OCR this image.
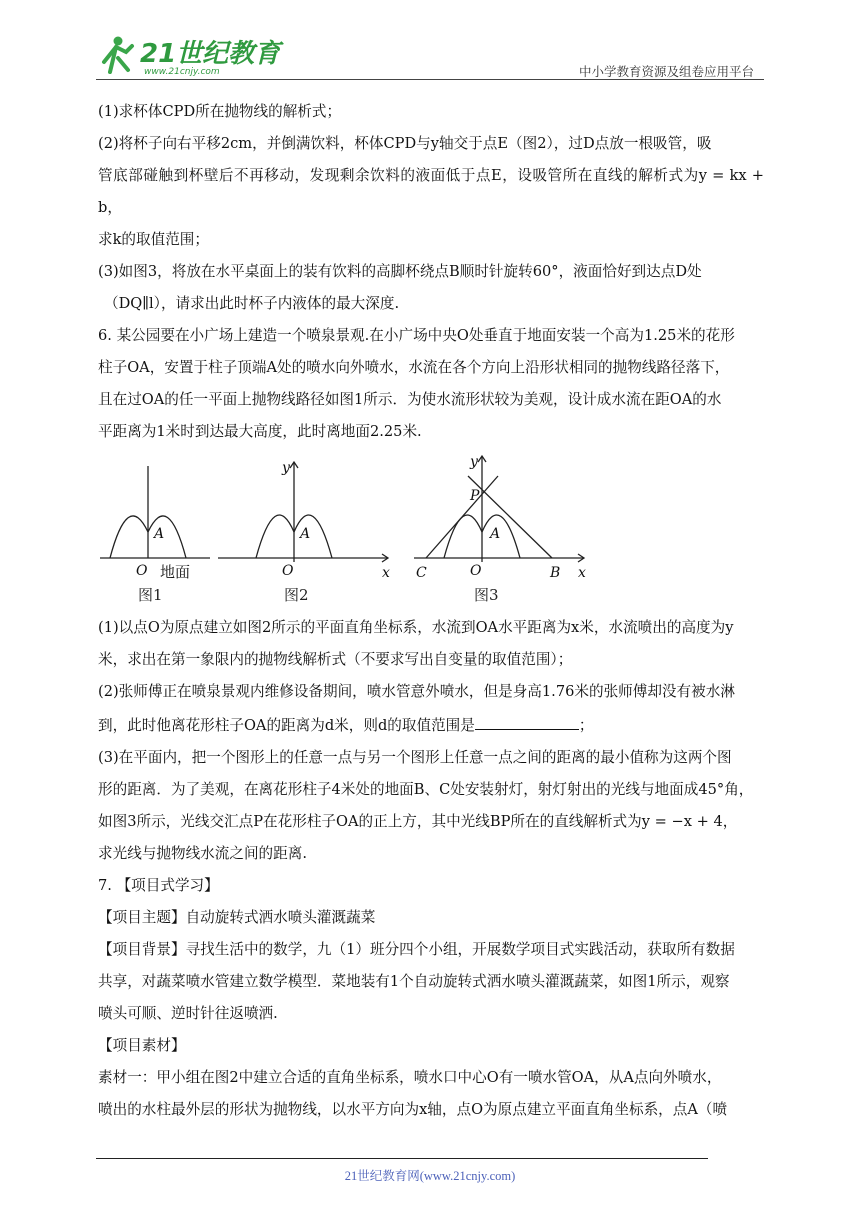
21世纪教育
www.21cnjy.com	中小学教育资源及组卷应用平台

(1)求杯体CPD所在抛物线的解析式；

(2)将杯子向右平移2cm，并倒满饮料，杯体CPD与y轴交于点E（图2），过D点放一根吸管，吸

管底部碰触到杯壁后不再移动，发现剩余饮料的液面低于点E，设吸管所在直线的解析式为y = kx + b，

求k的取值范围；

(3)如图3，将放在水平桌面上的装有饮料的高脚杯绕点B顺时针旋转60°，液面恰好到达点D处

（DQ∥l），请求出此时杯子内液体的最大深度.

6. 某公园要在小广场上建造一个喷泉景观.在小广场中央O处垂直于地面安装一个高为1.25米的花形

柱子OA，安置于柱子顶端A处的喷水向外喷水，水流在各个方向上沿形状相同的抛物线路径落下，

且在过OA的任一平面上抛物线路径如图1所示．为使水流形状较为美观，设计成水流在距OA的水

平距离为1米时到达最大高度，此时离地面2.25米.

O
A
地面
y
O
A
x
y
P
O
A
C	B x
图1	图2	图3

(1)以点O为原点建立如图2所示的平面直角坐标系，水流到OA水平距离为x米，水流喷出的高度为y

米，求出在第一象限内的抛物线解析式（不要求写出自变量的取值范围）；

(2)张师傅正在喷泉景观内维修设备期间，喷水管意外喷水，但是身高1.76米的张师傅却没有被水淋

到，此时他离花形柱子OA的距离为d米，则d的取值范围是	；

(3)在平面内，把一个图形上的任意一点与另一个图形上任意一点之间的距离的最小值称为这两个图

形的距离．为了美观，在离花形柱子4米处的地面B、C处安装射灯，射灯射出的光线与地面成45°角，

如图3所示，光线交汇点P在花形柱子OA的正上方，其中光线BP所在的直线解析式为y = −x + 4，

求光线与抛物线水流之间的距离.

7. 【项目式学习】

【项目主题】自动旋转式洒水喷头灌溉蔬菜

【项目背景】寻找生活中的数学，九（1）班分四个小组，开展数学项目式实践活动，获取所有数据

共享，对蔬菜喷水管建立数学模型．菜地装有1个自动旋转式洒水喷头灌溉蔬菜，如图1所示，观察

喷头可顺、逆时针往返喷洒.

【项目素材】

素材一：甲小组在图2中建立合适的直角坐标系，喷水口中心O有一喷水管OA，从A点向外喷水，

喷出的水柱最外层的形状为抛物线，以水平方向为x轴，点O为原点建立平面直角坐标系，点A（喷

21世纪教育网(www.21cnjy.com)
